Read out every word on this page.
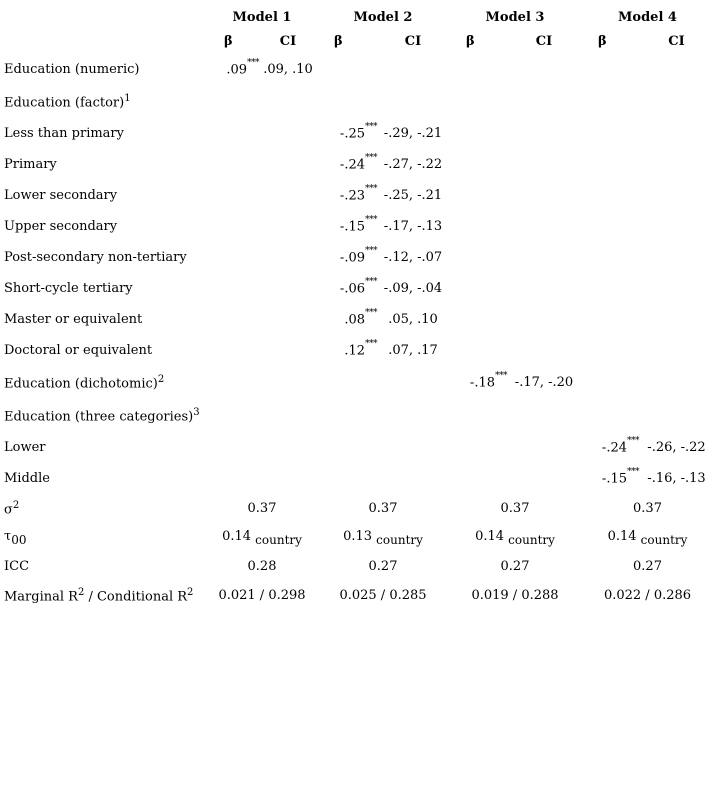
	Model 1		Model 2		Model 3		Model 4	
	β	CI	β	CI	β	CI	β	CI
Education (numeric)	.09***	.09, .10						
Education (factor)$^1$								
Less than primary			-.25***	-.29, -.21				
Primary			-.24***	-.27, -.22				
Lower secondary			-.23***	-.25, -.21				
Upper secondary			-.15***	-.17, -.13				
Post-secondary non-tertiary			-.09***	-.12, -.07				
Short-cycle tertiary			-.06***	-.09, -.04				
Master or equivalent			.08***	.05, .10				
Doctoral or equivalent			.12***	.07, .17				
Education (dichotomic)$^2$					-.18***	-.17, -.20		
Education (three categories)$^3$								
Lower							-.24***	-.26, -.22
Middle							-.15***	-.16, -.13
σ$^2$	0.37		0.37		0.37		0.37	
$\tau_{00}$	0.14 $_{country}$		0.13 $_{country}$		0.14 $_{country}$		0.14 $_{country}$
ICC	0.28		0.27		0.27		0.27	
Marginal R$^2$ / Conditional R$^2$	0.021 / 0.298		0.025 / 0.285		0.019 / 0.288		0.022 / 0.286	
